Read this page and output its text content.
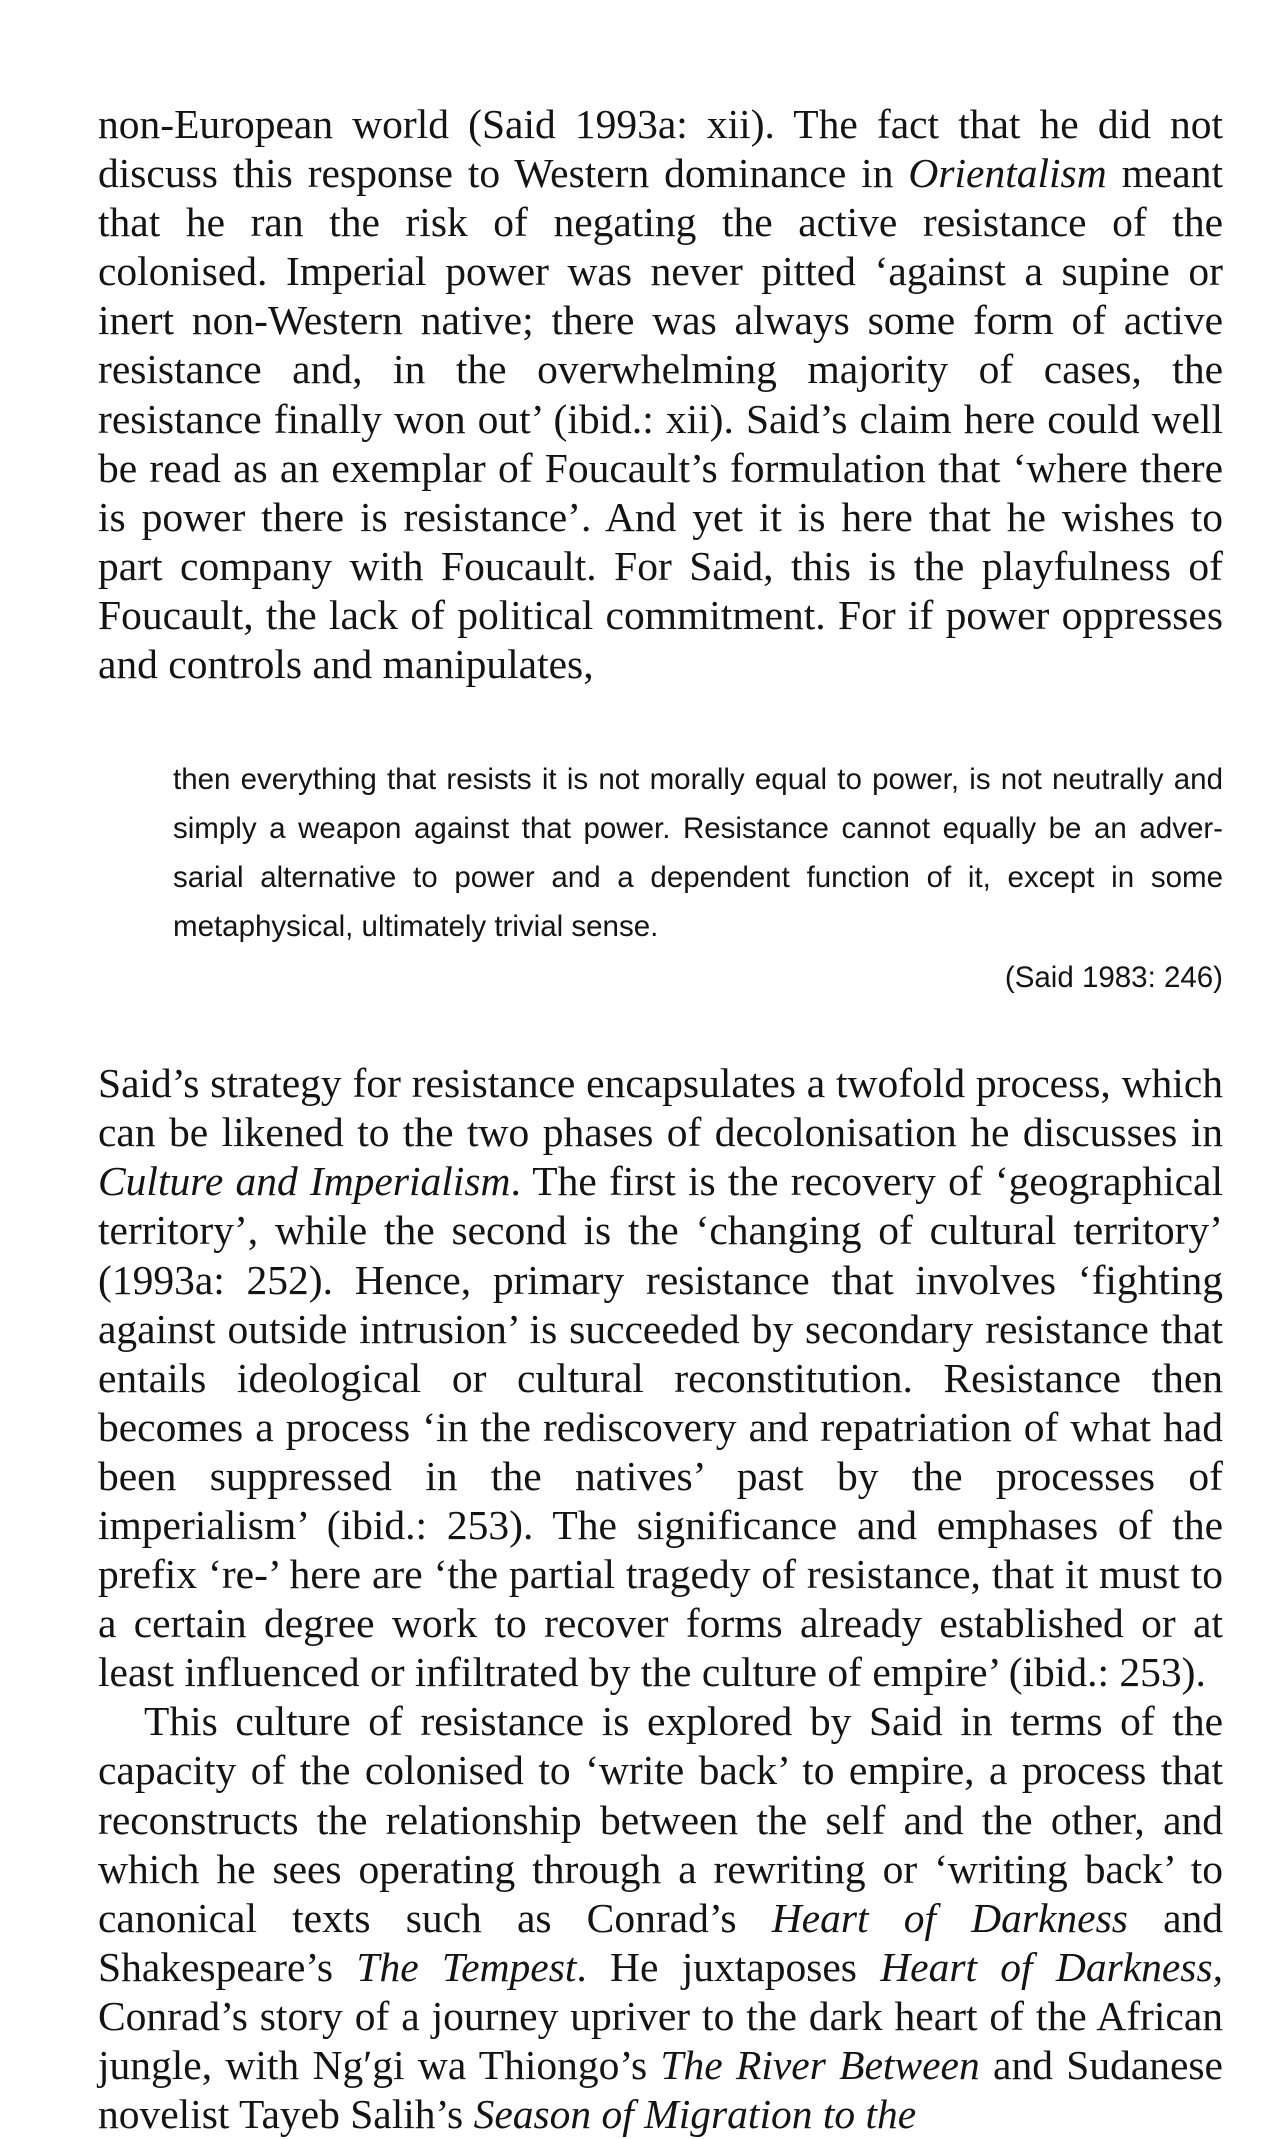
non-European world (Said 1993a: xii). The fact that he did not discuss this response to Western dominance in Orientalism meant that he ran the risk of negating the active resistance of the colonised. Imperial power was never pitted ‘against a supine or inert non-Western native; there was always some form of active resistance and, in the overwhelming majority of cases, the resistance finally won out’ (ibid.: xii). Said’s claim here could well be read as an exemplar of Foucault’s formulation that ‘where there is power there is resistance’. And yet it is here that he wishes to part company with Foucault. For Said, this is the playfulness of Foucault, the lack of political commitment. For if power oppresses and controls and manipulates,

then everything that resists it is not morally equal to power, is not neutrally and simply a weapon against that power. Resistance cannot equally be an adversarial alternative to power and a dependent function of it, except in some metaphysical, ultimately trivial sense.
(Said 1983: 246)

Said’s strategy for resistance encapsulates a twofold process, which can be likened to the two phases of decolonisation he discusses in Culture and Imperialism. The first is the recovery of ‘geographical territory’, while the second is the ‘changing of cultural territory’ (1993a: 252). Hence, primary resistance that involves ‘fighting against outside intrusion’ is succeeded by secondary resistance that entails ideological or cultural reconstitution. Resistance then becomes a process ‘in the rediscovery and repatriation of what had been suppressed in the natives’ past by the processes of imperialism’ (ibid.: 253). The significance and emphases of the prefix ‘re-’ here are ‘the partial tragedy of resistance, that it must to a certain degree work to recover forms already established or at least influenced or infiltrated by the culture of empire’ (ibid.: 253).

This culture of resistance is explored by Said in terms of the capacity of the colonised to ‘write back’ to empire, a process that reconstructs the relationship between the self and the other, and which he sees operating through a rewriting or ‘writing back’ to canonical texts such as Conrad’s Heart of Darkness and Shakespeare’s The Tempest. He juxtaposes Heart of Darkness, Conrad’s story of a journey upriver to the dark heart of the African jungle, with Ngʹgi wa Thiongo’s The River Between and Sudanese novelist Tayeb Salih’s Season of Migration to the
